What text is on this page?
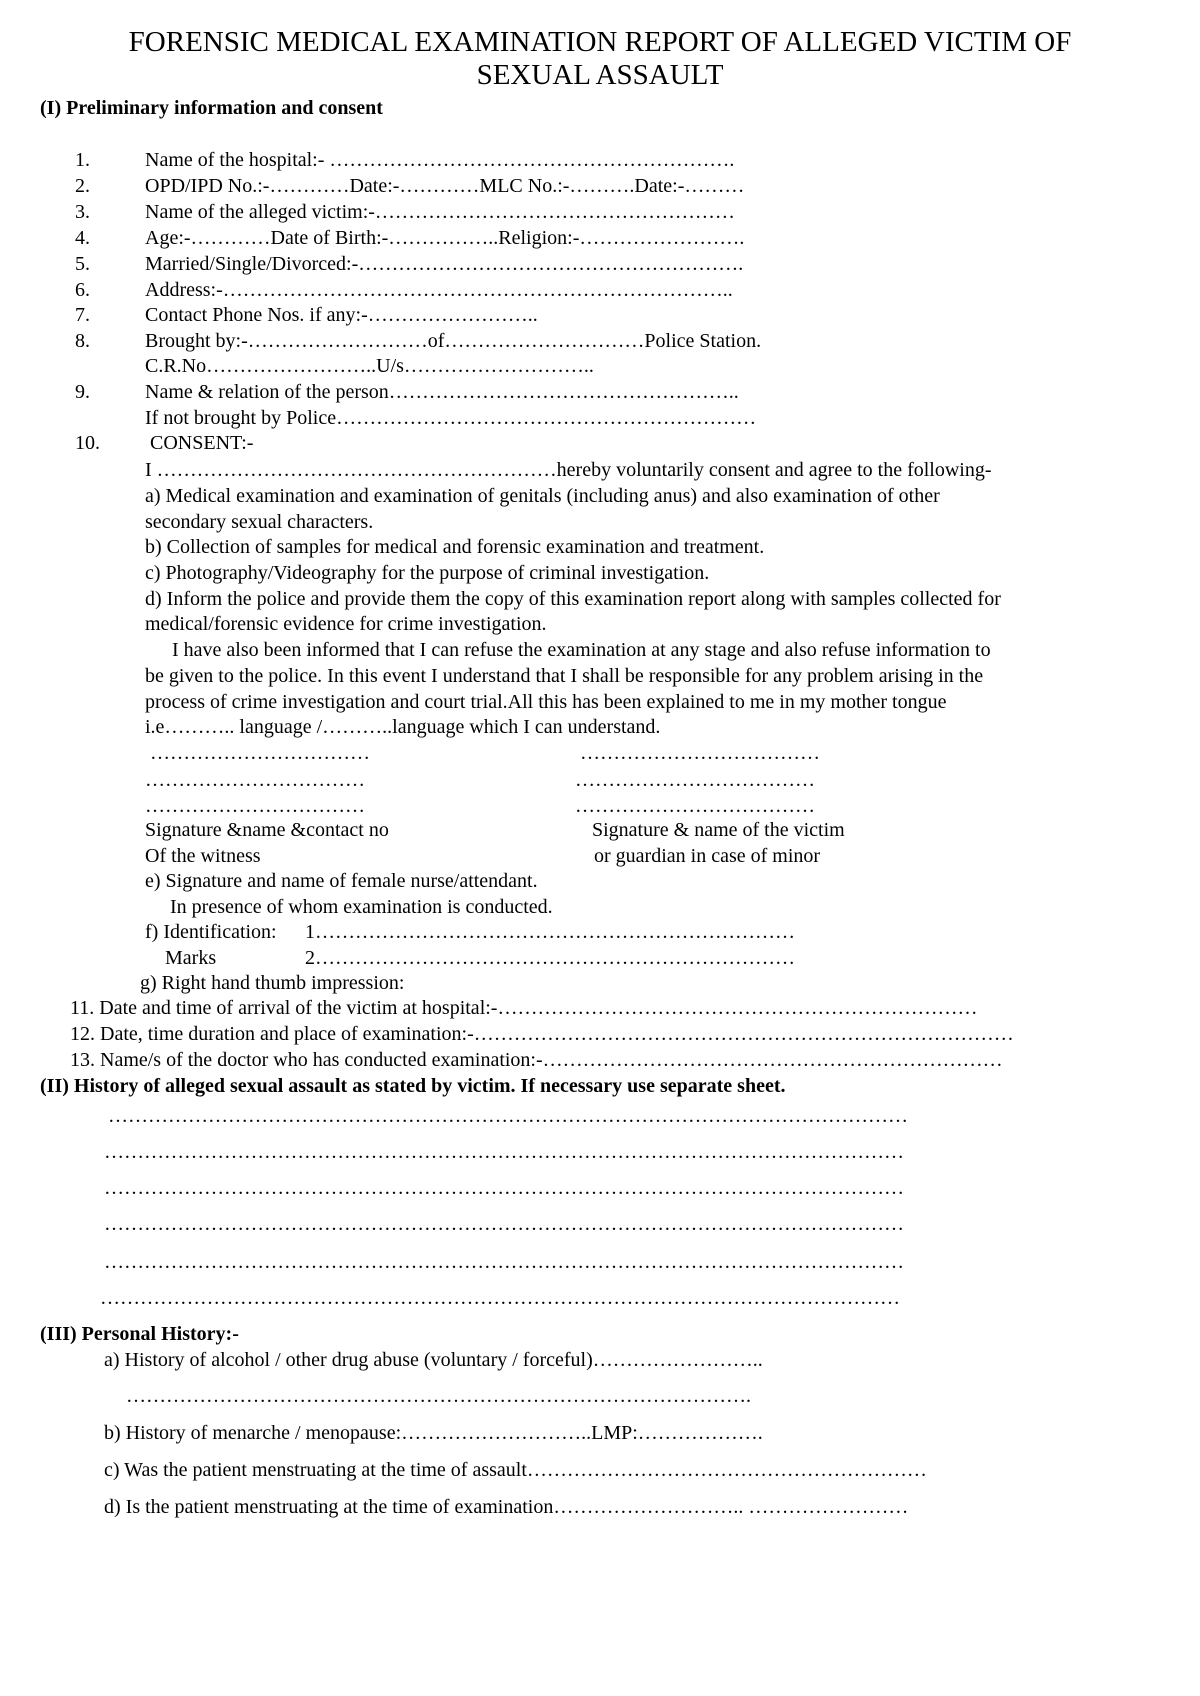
FORENSIC MEDICAL EXAMINATION REPORT OF ALLEGED VICTIM OF
SEXUAL ASSAULT
(I) Preliminary information and consent
1.	Name of the hospital:- …………………………………………………….
2.	OPD/IPD No.:-…………Date:-…………MLC No.:-……….Date:-………
3.	Name of the alleged victim:-………………………………………………
4.	Age:-…………Date of Birth:-……………..Religion:-…………………….
5.	Married/Single/Divorced:-………………………………………………….
6.	Address:-…………………………………………………………………..
7.	Contact Phone Nos. if any:-……………………..
8.	Brought by:-………………………of…………………………Police Station.
C.R.No……………………..U/s………………………..
9.	Name & relation of the person……………………………………………..
If not brought by Police………………………………………………………
10.	CONSENT:-
I ……………………………………………………hereby voluntarily consent and agree to the following-
a) Medical examination and examination of genitals (including anus) and also examination of other
secondary sexual characters.
b) Collection of samples for medical and forensic examination and treatment.
c) Photography/Videography for the purpose of criminal investigation.
d) Inform the police and provide them the copy of this examination report along with samples collected for
medical/forensic evidence for crime investigation.
I have also been informed that I can refuse the examination at any stage and also refuse information to
be given to the police. In this event I understand that I shall be responsible for any problem arising in the
process of crime investigation and court trial.All this has been explained to me in my mother tongue
i.e……….. language /………..language which I can understand.
……………………………	………………………………
……………………………	………………………………
……………………………	………………………………
Signature &name &contact no	Signature & name of the victim
Of the witness	or guardian in case of minor
e) Signature and name of female nurse/attendant.
In presence of whom examination is conducted.
f) Identification: 1………………………………………………………………
Marks	2………………………………………………………………
g) Right hand thumb impression:
11. Date and time of arrival of the victim at hospital:-………………………………………………………………
12. Date, time duration and place of examination:-………………………………………………………………………
13. Name/s of the doctor who has conducted examination:-……………………………………………………………
(II) History of alleged sexual assault as stated by victim. If necessary use separate sheet.
…………………………………………………………………………………………………………
…………………………………………………………………………………………………………
…………………………………………………………………………………………………………
…………………………………………………………………………………………………………
…………………………………………………………………………………………………………
…………………………………………………………………………………………………………
(III) Personal History:-
a) History of alcohol / other drug abuse (voluntary / forceful)……………………..
………………………………………………………………………………….
b) History of menarche / menopause:………………………..LMP:……………….
c) Was the patient menstruating at the time of assault……………………………………………………
d) Is the patient menstruating at the time of examination……………………….. ……………………
